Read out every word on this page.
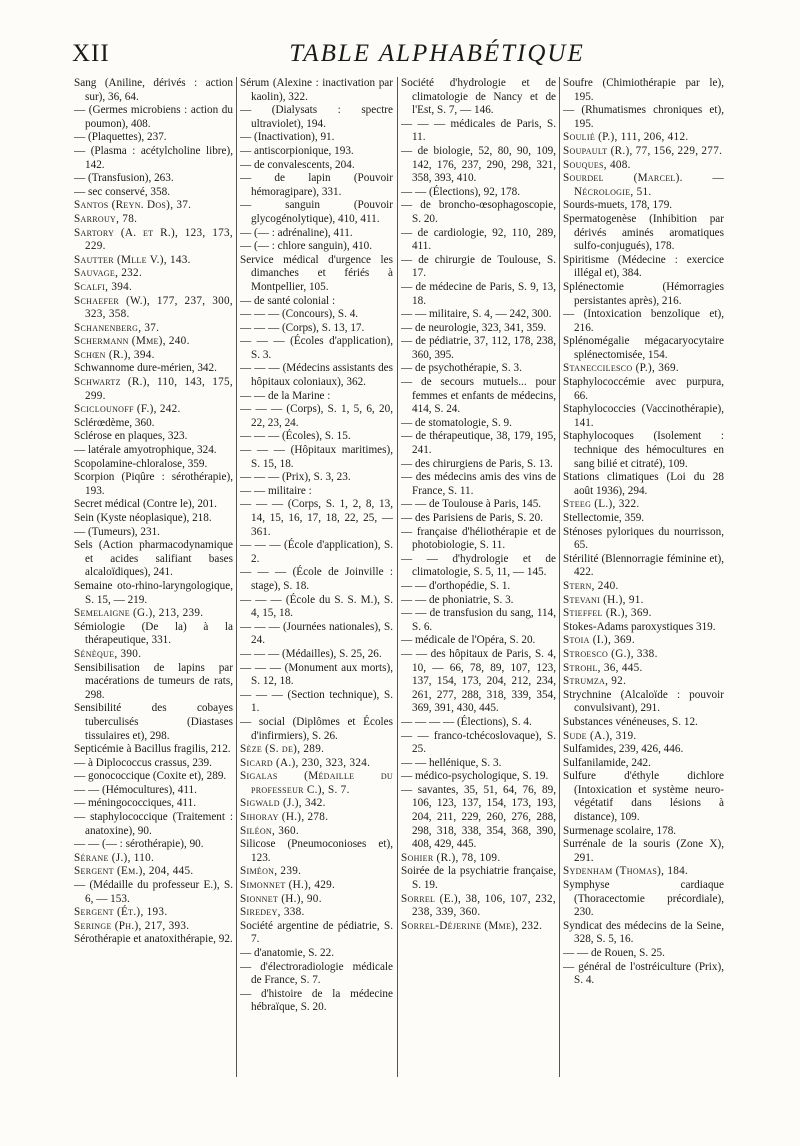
XII	TABLE ALPHABÉTIQUE

Sang (Aniline, dérivés : action sur), 36, 64.

— (Germes microbiens : action du poumon), 408.

— (Plaquettes), 237.

— (Plasma : acétylcholine libre), 142.

— (Transfusion), 263.

— sec conservé, 358.

Santos (Reyn. Dos), 37.

Sarrouy, 78.

Sartory (A. et R.), 123, 173, 229.

Sautter (Mlle V.), 143.

Sauvage, 232.

Scalfi, 394.

Schaefer (W.), 177, 237, 300, 323, 358.

Schanenberg, 37.

Schermann (Mme), 240.

Schœn (R.), 394.

Schwannome dure-mérien, 342.

Schwartz (R.), 110, 143, 175, 299.

Sciclounoff (F.), 242.

Sclérœdème, 360.

Sclérose en plaques, 323.

— latérale amyotrophique, 324.

Scopolamine-chloralose, 359.

Scorpion (Piqûre : sérothérapie), 193.

Secret médical (Contre le), 201.

Sein (Kyste néoplasique), 218.

— (Tumeurs), 231.

Sels (Action pharmacodynamique et acides salifiant bases alcaloïdiques), 241.

Semaine oto-rhino-laryngologique, S. 15, — 219.

Semelaigne (G.), 213, 239.

Sémiologie (De la) à la thérapeutique, 331.

Sénèque, 390.

Sensibilisation de lapins par macérations de tumeurs de rats, 298.

Sensibilité des cobayes tuberculisés (Diastases tissulaires et), 298.

Septicémie à Bacillus fragilis, 212.

— à Diplococcus crassus, 239.

— gonococcique (Coxite et), 289.

— — (Hémocultures), 411.

— méningococciques, 411.

— staphylococcique (Traitement : anatoxine), 90.

— — (— : sérothérapie), 90.

Sérane (J.), 110.

Sergent (Em.), 204, 445.

— (Médaille du professeur E.), S. 6, — 153.

Sergent (Ét.), 193.

Seringe (Ph.), 217, 393.

Sérothérapie et anatoxithérapie, 92.

Sérum (Alexine : inactivation par kaolin), 322.

— (Dialysats : spectre ultraviolet), 194.

— (Inactivation), 91.

— antiscorpionique, 193.

— de convalescents, 204.

— de lapin (Pouvoir hémoragipare), 331.

— sanguin (Pouvoir glycogénolytique), 410, 411.

— (— : adrénaline), 411.

— (— : chlore sanguin), 410.

Service médical d'urgence les dimanches et fériés à Montpellier, 105.

— de santé colonial :

— — — (Concours), S. 4.

— — — (Corps), S. 13, 17.

— — — (Écoles d'application), S. 3.

— — — (Médecins assistants des hôpitaux coloniaux), 362.

— — de la Marine :

— — — (Corps), S. 1, 5, 6, 20, 22, 23, 24.

— — — (Écoles), S. 15.

— — — (Hôpitaux maritimes), S. 15, 18.

— — — (Prix), S. 3, 23.

— — militaire :

— — — (Corps, S. 1, 2, 8, 13, 14, 15, 16, 17, 18, 22, 25, — 361.

— — — (École d'application), S. 2.

— — — (École de Joinville : stage), S. 18.

— — — (École du S. S. M.), S. 4, 15, 18.

— — — (Journées nationales), S. 24.

— — — (Médailles), S. 25, 26.

— — — (Monument aux morts), S. 12, 18.

— — — (Section technique), S. 1.

— social (Diplômes et Écoles d'infirmiers), S. 26.

Sèze (S. de), 289.

Sicard (A.), 230, 323, 324.

Sigalas (Médaille du professeur C.), S. 7.

Sigwald (J.), 342.

Sihoray (H.), 278.

Siléon, 360.

Silicose (Pneumoconioses et), 123.

Siméon, 239.

Simonnet (H.), 429.

Sionnet (H.), 90.

Siredey, 338.

Société argentine de pédiatrie, S. 7.

— d'anatomie, S. 22.

— d'électroradiologie médicale de France, S. 7.

— d'histoire de la médecine hébraïque, S. 20.

Société d'hydrologie et de climatologie de Nancy et de l'Est, S. 7, — 146.

— — — médicales de Paris, S. 11.

— de biologie, 52, 80, 90, 109, 142, 176, 237, 290, 298, 321, 358, 393, 410.

— — (Élections), 92, 178.

— de broncho-œsophagoscopie, S. 20.

— de cardiologie, 92, 110, 289, 411.

— de chirurgie de Toulouse, S. 17.

— de médecine de Paris, S. 9, 13, 18.

— — militaire, S. 4, — 242, 300.

— de neurologie, 323, 341, 359.

— de pédiatrie, 37, 112, 178, 238, 360, 395.

— de psychothérapie, S. 3.

— de secours mutuels... pour femmes et enfants de médecins, 414, S. 24.

— de stomatologie, S. 9.

— de thérapeutique, 38, 179, 195, 241.

— des chirurgiens de Paris, S. 13.

— des médecins amis des vins de France, S. 11.

— — de Toulouse à Paris, 145.

— des Parisiens de Paris, S. 20.

— française d'héliothérapie et de photobiologie, S. 11.

— — d'hydrologie et de climatologie, S. 5, 11, — 145.

— — d'orthopédie, S. 1.

— — de phoniatrie, S. 3.

— — de transfusion du sang, 114, S. 6.

— médicale de l'Opéra, S. 20.

— — des hôpitaux de Paris, S. 4, 10, — 66, 78, 89, 107, 123, 137, 154, 173, 204, 212, 234, 261, 277, 288, 318, 339, 354, 369, 391, 430, 445.

— — — — (Élections), S. 4.

— — franco-tchécoslovaque), S. 25.

— — hellénique, S. 3.

— médico-psychologique, S. 19.

— savantes, 35, 51, 64, 76, 89, 106, 123, 137, 154, 173, 193, 204, 211, 229, 260, 276, 288, 298, 318, 338, 354, 368, 390, 408, 429, 445.

Sohier (R.), 78, 109.

Soirée de la psychiatrie française, S. 19.

Sorrel (E.), 38, 106, 107, 232, 238, 339, 360.

Sorrel-Déjerine (Mme), 232.

Soufre (Chimiothérapie par le), 195.

— (Rhumatismes chroniques et), 195.

Soulié (P.), 111, 206, 412.

Soupault (R.), 77, 156, 229, 277.

Souques, 408.

Sourdel (Marcel). — Nécrologie, 51.

Sourds-muets, 178, 179.

Spermatogenèse (Inhibition par dérivés aminés aromatiques sulfo-conjugués), 178.

Spiritisme (Médecine : exercice illégal et), 384.

Splénectomie (Hémorragies persistantes après), 216.

— (Intoxication benzolique et), 216.

Splénomégalie mégacaryocytaire splénectomisée, 154.

Staneccilesco (P.), 369.

Staphylococcémie avec purpura, 66.

Staphylococcies (Vaccinothérapie), 141.

Staphylocoques (Isolement : technique des hémocultures en sang bilié et citraté), 109.

Stations climatiques (Loi du 28 août 1936), 294.

Steeg (L.), 322.

Stellectomie, 359.

Sténoses pyloriques du nourrisson, 65.

Stérilité (Blennorragie féminine et), 422.

Stern, 240.

Stevani (H.), 91.

Stieffel (R.), 369.

Stokes-Adams paroxystiques 319.

Stoia (I.), 369.

Stroesco (G.), 338.

Strohl, 36, 445.

Strumza, 92.

Strychnine (Alcaloïde : pouvoir convulsivant), 291.

Substances vénéneuses, S. 12.

Sude (A.), 319.

Sulfamides, 239, 426, 446.

Sulfanilamide, 242.

Sulfure d'éthyle dichlore (Intoxication et système neuro-végétatif dans lésions à distance), 109.

Surmenage scolaire, 178.

Surrénale de la souris (Zone X), 291.

Sydenham (Thomas), 184.

Symphyse cardiaque (Thoracectomie précordiale), 230.

Syndicat des médecins de la Seine, 328, S. 5, 16.

— — de Rouen, S. 25.

— général de l'ostréiculture (Prix), S. 4.
